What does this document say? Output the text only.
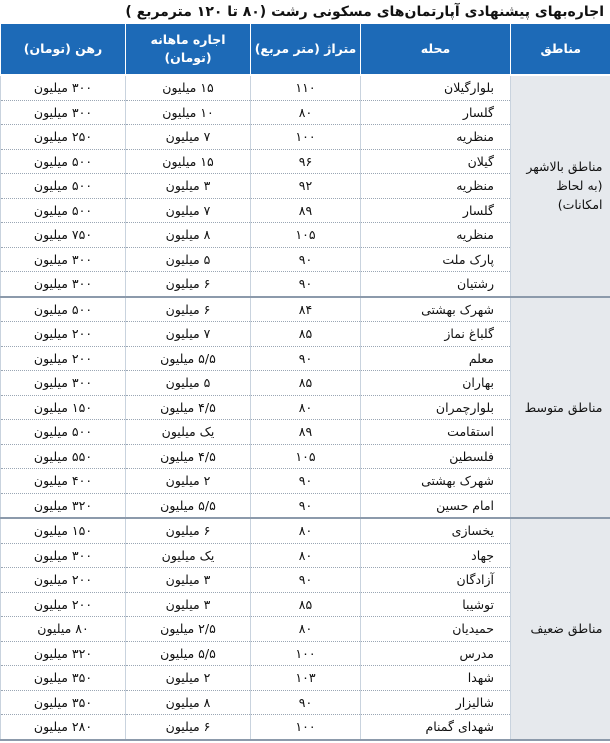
اجاره‌بهای پیشنهادی آپارتمان‌های مسکونی رشت (۸۰ تا ۱۲۰ مترمربع )
مناطق	محله	متراژ (متر مربع)	اجاره ماهانه (تومان)	رهن (تومان)
مناطق بالاشهر (به لحاظ امکانات)	بلوارگیلان	۱۱۰	۱۵ میلیون	۳۰۰ میلیون
	گلسار	۸۰	۱۰ میلیون	۳۰۰ میلیون
	منظریه	۱۰۰	۷ میلیون	۲۵۰ میلیون
	گیلان	۹۶	۱۵ میلیون	۵۰۰ میلیون
	منظریه	۹۲	۳ میلیون	۵۰۰ میلیون
	گلسار	۸۹	۷ میلیون	۵۰۰ میلیون
	منظریه	۱۰۵	۸ میلیون	۷۵۰ میلیون
	پارک ملت	۹۰	۵ میلیون	۳۰۰ میلیون
	رشتیان	۹۰	۶ میلیون	۳۰۰ میلیون
مناطق متوسط	شهرک بهشتی	۸۴	۶ میلیون	۵۰۰ میلیون
	گلباغ نماز	۸۵	۷ میلیون	۲۰۰ میلیون
	معلم	۹۰	۵/۵ میلیون	۲۰۰ میلیون
	بهاران	۸۵	۵ میلیون	۳۰۰ میلیون
	بلوارچمران	۸۰	۴/۵ میلیون	۱۵۰ میلیون
	استقامت	۸۹	یک میلیون	۵۰۰ میلیون
	فلسطین	۱۰۵	۴/۵ میلیون	۵۵۰ میلیون
	شهرک بهشتی	۹۰	۲ میلیون	۴۰۰ میلیون
	امام حسین	۹۰	۵/۵ میلیون	۳۲۰ میلیون
مناطق ضعیف	یخسازی	۸۰	۶ میلیون	۱۵۰ میلیون
	جهاد	۸۰	یک میلیون	۳۰۰ میلیون
	آزادگان	۹۰	۳ میلیون	۲۰۰ میلیون
	توشیبا	۸۵	۳ میلیون	۲۰۰ میلیون
	حمیدیان	۸۰	۲/۵ میلیون	۸۰ میلیون
	مدرس	۱۰۰	۵/۵ میلیون	۳۲۰ میلیون
	شهدا	۱۰۳	۲ میلیون	۳۵۰ میلیون
	شالیزار	۹۰	۸ میلیون	۳۵۰ میلیون
	شهدای گمنام	۱۰۰	۶ میلیون	۲۸۰ میلیون
